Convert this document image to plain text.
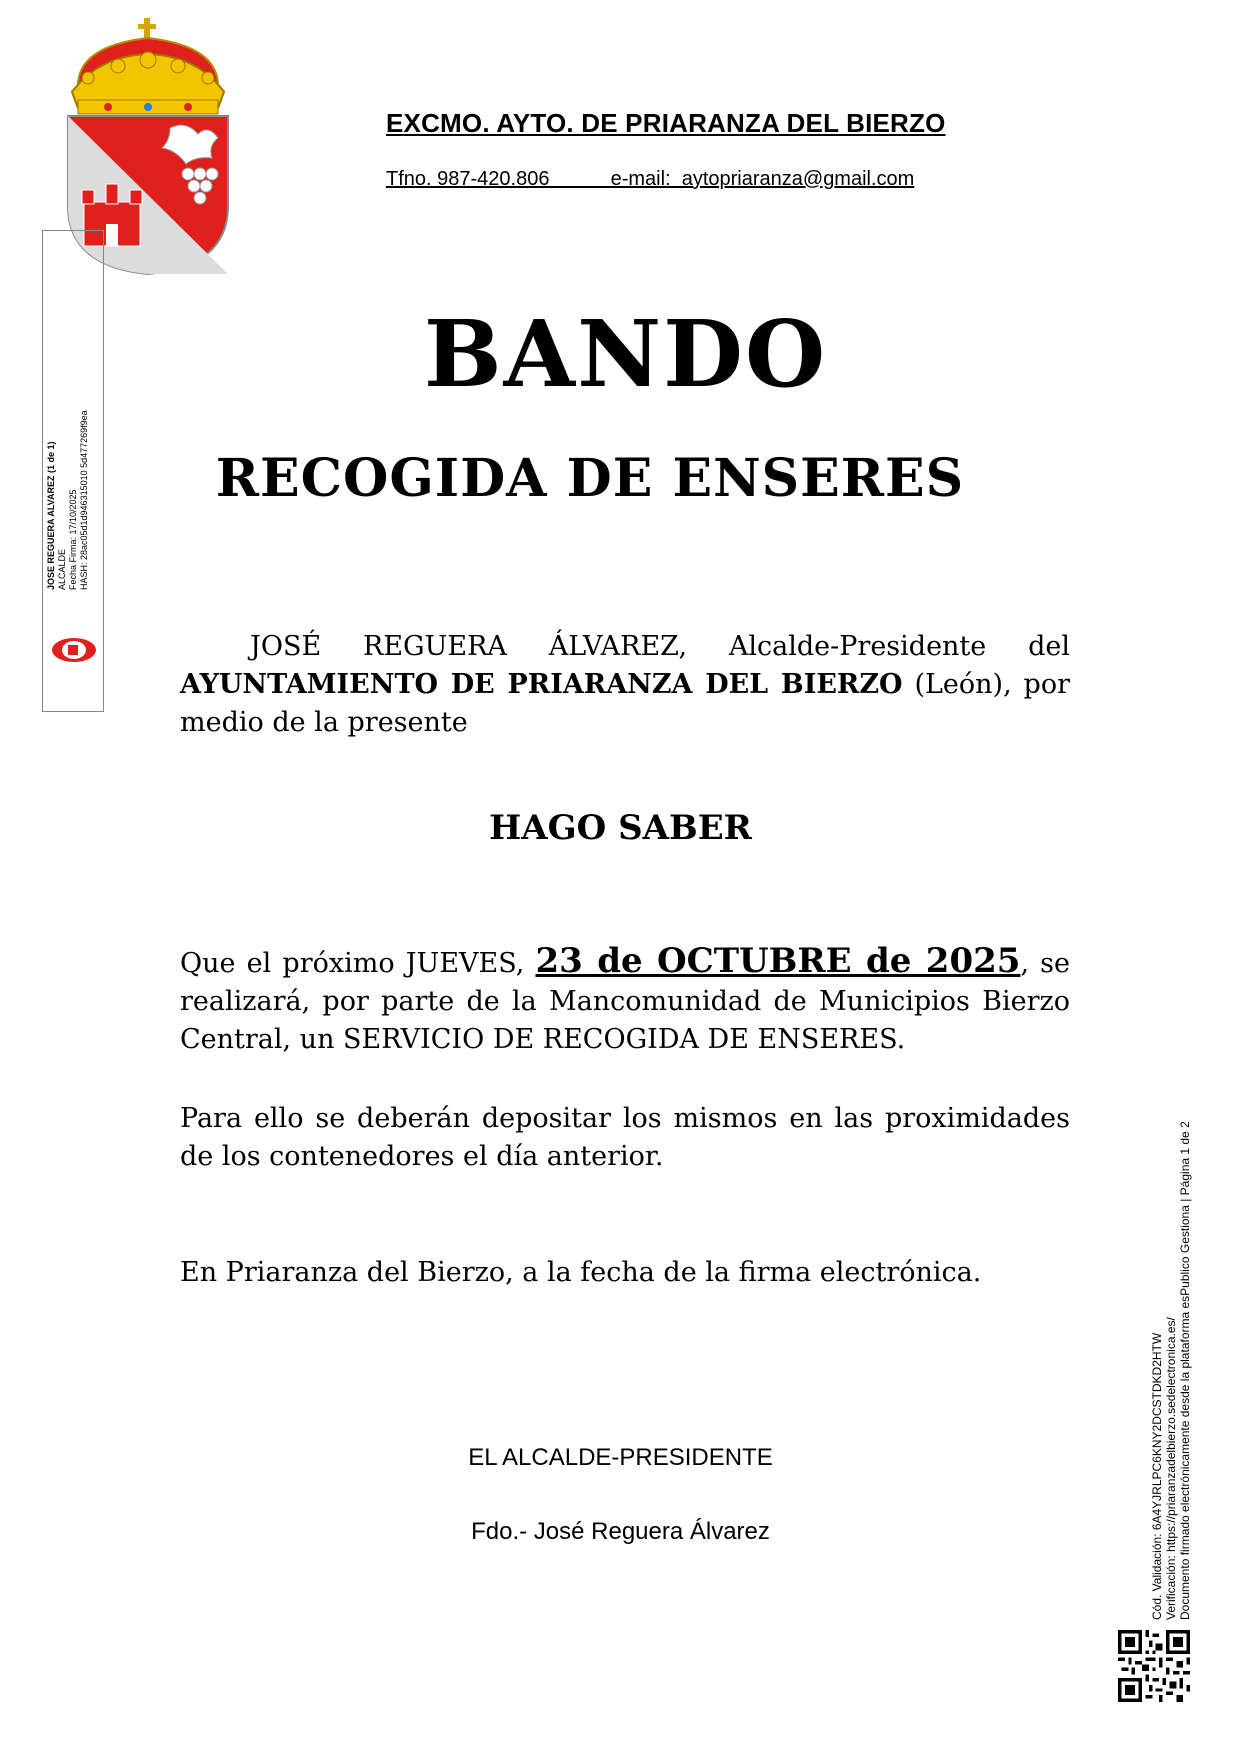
EXCMO. AYTO. DE PRIARANZA DEL BIERZO
Tfno. 987-420.806           e-mail:  aytopriaranza@gmail.com
BANDO
RECOGIDA DE ENSERES
JOSÉ REGUERA ÁLVAREZ, Alcalde-Presidente del AYUNTAMIENTO DE PRIARANZA DEL BIERZO (León), por medio de la presente
HAGO SABER
Que el próximo JUEVES, 23 de OCTUBRE de 2025, se realizará, por parte de la Mancomunidad de Municipios Bierzo Central, un SERVICIO DE RECOGIDA DE ENSERES.
Para ello se deberán depositar los mismos en las proximidades de los contenedores el día anterior.
En Priaranza del Bierzo, a la fecha de la firma electrónica.
EL ALCALDE-PRESIDENTE
Fdo.- José Reguera Álvarez
JOSE REGUERA ALVAREZ (1 de 1) ALCALDE Fecha Firma: 17/10/2025 HASH: 28ac05d1d946315010 5d477269f9ea
Cód. Validación: 6A4YJRLPC6KNY2DCSTDKD2HTW Verificación: https://priaranzadelbierzo.sedelectronica.es/ Documento firmado electrónicamente desde la plataforma esPublico Gestiona | Página 1 de 2
